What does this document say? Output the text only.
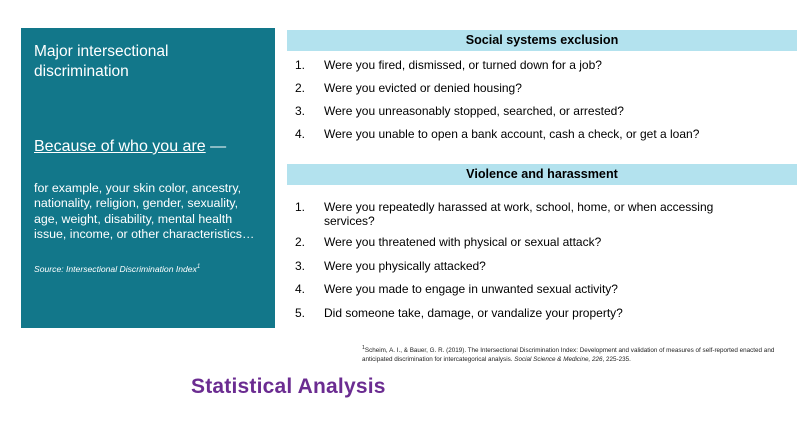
Major intersectional discrimination
Because of who you are —
for example, your skin color, ancestry, nationality, religion, gender, sexuality, age, weight, disability, mental health issue, income, or other characteristics…
Source: Intersectional Discrimination Index$^1$
Social systems exclusion
1.	Were you fired, dismissed, or turned down for a job?
2.	Were you evicted or denied housing?
3.	Were you unreasonably stopped, searched, or arrested?
4.	Were you unable to open a bank account, cash a check, or get a loan?
Violence and harassment
1.	Were you repeatedly harassed at work, school, home, or when accessing services?
2.	Were you threatened with physical or sexual attack?
3.	Were you physically attacked?
4.	Were you made to engage in unwanted sexual activity?
5.	Did someone take, damage, or vandalize your property?
$^1$Scheim, A. I., & Bauer, G. R. (2019). The Intersectional Discrimination Index: Development and validation of measures of self-reported enacted and anticipated discrimination for intercategorical analysis. Social Science & Medicine, 226, 225-235.
Statistical Analysis
